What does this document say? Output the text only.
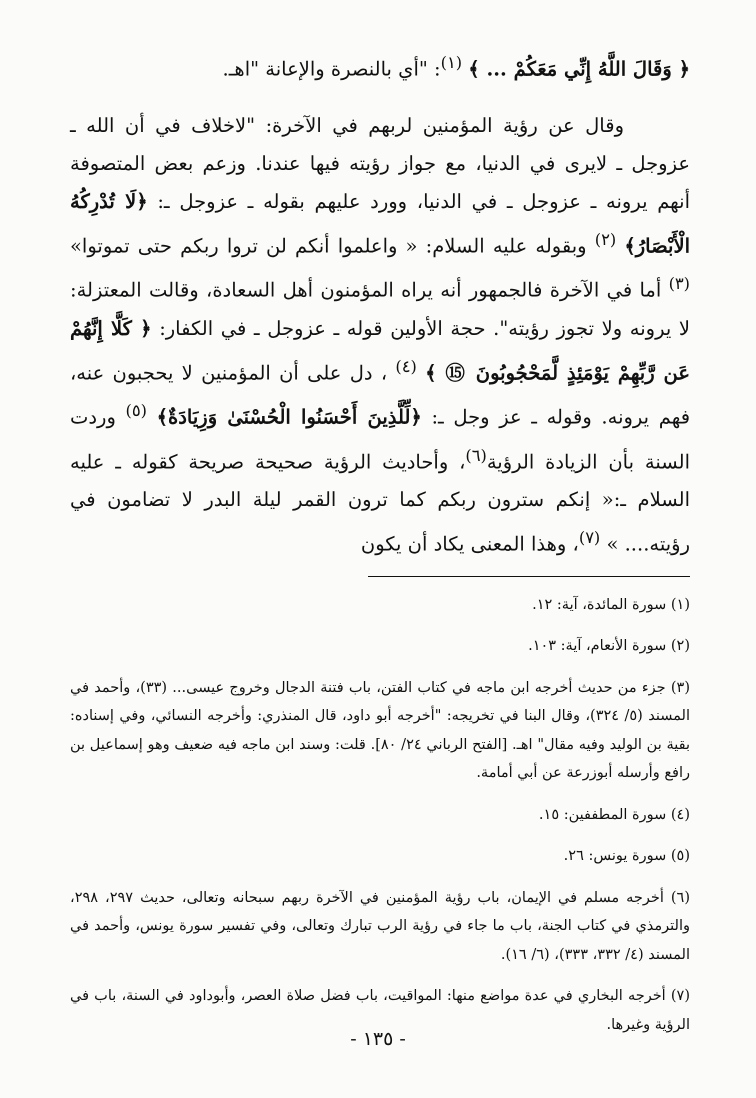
﴿ وَقَالَ اللَّهُ إِنِّي مَعَكُمْ ... ﴾ $^{(١)}$: "أي بالنصرة والإعانة "اهـ.

وقال عن رؤية المؤمنين لربهم في الآخرة: "لاخلاف في أن الله ـ عزوجل ـ لايرى في الدنيا، مع جواز رؤيته فيها عندنا. وزعم بعض المتصوفة أنهم يرونه ـ عزوجل ـ في الدنيا، وورد عليهم بقوله ـ عزوجل ـ: ﴿لَا تُدْرِكُهُ الْأَبْصَارُ﴾ $^{(٢)}$ وبقوله عليه السلام: « واعلموا أنكم لن تروا ربكم حتى تموتوا» $^{(٣)}$ أما في الآخرة فالجمهور أنه يراه المؤمنون أهل السعادة، وقالت المعتزلة: لا يرونه ولا تجوز رؤيته". حجة الأولين قوله ـ عزوجل ـ في الكفار: ﴿ كَلَّا إِنَّهُمْ عَن رَّبِّهِمْ يَوْمَئِذٍ لَّمَحْجُوبُونَ ⑮ ﴾ $^{(٤)}$ ، دل على أن المؤمنين لا يحجبون عنه، فهم يرونه. وقوله ـ عز وجل ـ: ﴿لِّلَّذِينَ أَحْسَنُوا الْحُسْنَىٰ وَزِيَادَةٌ﴾ $^{(٥)}$ وردت السنة بأن الزيادة الرؤية$^{(٦)}$، وأحاديث الرؤية صحيحة صريحة كقوله ـ عليه السلام ـ:« إنكم سترون ربكم كما ترون القمر ليلة البدر لا تضامون في رؤيته.... » $^{(٧)}$، وهذا المعنى يكاد أن يكون

(١) سورة المائدة، آية: ١٢.

(٢) سورة الأنعام، آية: ١٠٣.

(٣) جزء من حديث أخرجه ابن ماجه في كتاب الفتن، باب فتنة الدجال وخروج عيسى... (٣٣)، وأحمد في المسند (٥/ ٣٢٤)، وقال البنا في تخريجه: "أخرجه أبو داود، قال المنذري: وأخرجه النسائي، وفي إسناده: بقية بن الوليد وفيه مقال" اهـ. [الفتح الرباني ٢٤/ ٨٠]. قلت: وسند ابن ماجه فيه ضعيف وهو إسماعيل بن رافع وأرسله أبوزرعة عن أبي أمامة.

(٤) سورة المطففين: ١٥.

(٥) سورة يونس: ٢٦.

(٦) أخرجه مسلم في الإيمان، باب رؤية المؤمنين في الآخرة ربهم سبحانه وتعالى، حديث ٢٩٧، ٢٩٨، والترمذي في كتاب الجنة، باب ما جاء في رؤية الرب تبارك وتعالى، وفي تفسير سورة يونس، وأحمد في المسند (٤/ ٣٣٢، ٣٣٣)، (٦/ ١٦).

(٧) أخرجه البخاري في عدة مواضع منها: المواقيت، باب فضل صلاة العصر، وأبوداود في السنة، باب في الرؤية وغيرها.

- ١٣٥ -
